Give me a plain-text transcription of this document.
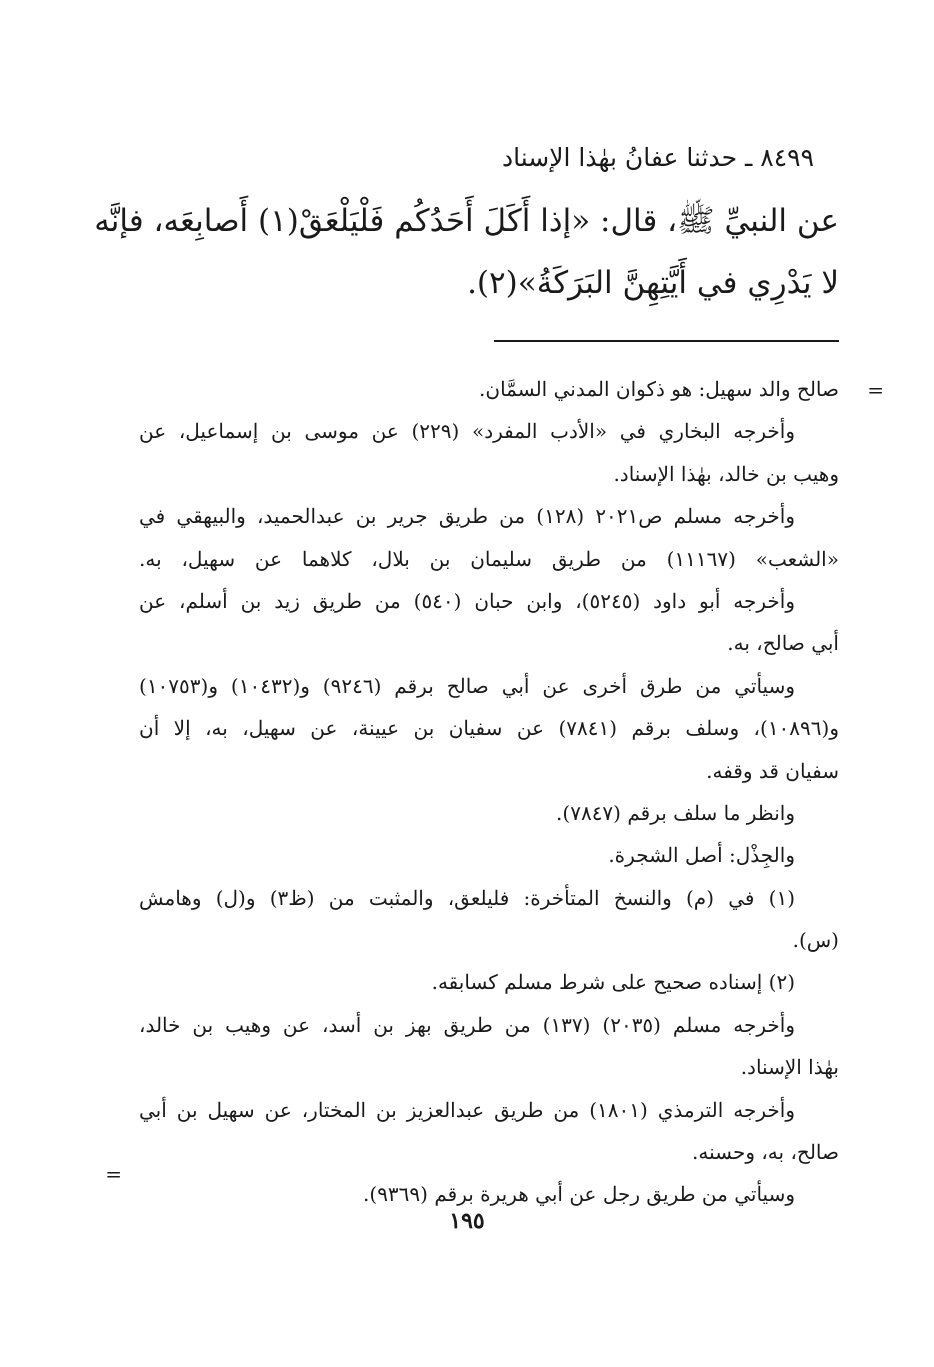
٨٤٩٩ ـ حدثنا عفانُ بهٰذا الإسناد

عن النبيِّ ﷺ، قال: «إذا أَكَلَ أَحَدُكُم فَلْيَلْعَقْ(١) أَصابِعَه، فإنَّه

لا يَدْرِي في أَيَّتِهِنَّ البَرَكَةُ»(٢).

=
صالح والد سهيل: هو ذكوان المدني السمَّان.
وأخرجه البخاري في «الأدب المفرد» (٢٢٩) عن موسى بن إسماعيل، عن
وهيب بن خالد، بهٰذا الإسناد.
وأخرجه مسلم ص٢٠٢١ (١٢٨) من طريق جرير بن عبدالحميد، والبيهقي في
«الشعب» (١١١٦٧) من طريق سليمان بن بلال، كلاهما عن سهيل، به.
وأخرجه أبو داود (٥٢٤٥)، وابن حبان (٥٤٠) من طريق زيد بن أسلم، عن
أبي صالح، به.
وسيأتي من طرق أخرى عن أبي صالح برقم (٩٢٤٦) و(١٠٤٣٢) و(١٠٧٥٣)
و(١٠٨٩٦)، وسلف برقم (٧٨٤١) عن سفيان بن عيينة، عن سهيل، به، إلا أن
سفيان قد وقفه.
وانظر ما سلف برقم (٧٨٤٧).
والجِذْل: أصل الشجرة.
(١) في (م) والنسخ المتأخرة: فليلعق، والمثبت من (ظ٣) و(ل) وهامش
(س).
(٢) إسناده صحيح على شرط مسلم كسابقه.
وأخرجه مسلم (٢٠٣٥) (١٣٧) من طريق بهز بن أسد، عن وهيب بن خالد،
بهٰذا الإسناد.
وأخرجه الترمذي (١٨٠١) من طريق عبدالعزيز بن المختار، عن سهيل بن أبي
صالح، به، وحسنه.
وسيأتي من طريق رجل عن أبي هريرة برقم (٩٣٦٩).
=
١٩٥
